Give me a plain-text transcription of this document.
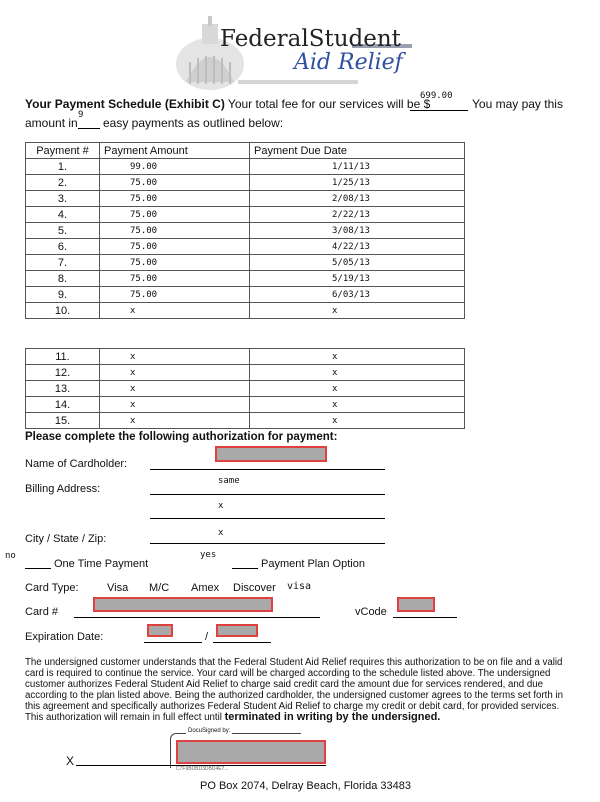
FederalStudent
Aid Relief
Your Payment Schedule (Exhibit C) Your total fee for our services will be $
699.00
You may pay this
amount in
9
easy payments as outlined below:
Payment #	Payment Amount	Payment Due Date
1.	99.00	1/11/13
2.	75.00	1/25/13
3.	75.00	2/08/13
4.	75.00	2/22/13
5.	75.00	3/08/13
6.	75.00	4/22/13
7.	75.00	5/05/13
8.	75.00	5/19/13
9.	75.00	6/03/13
10.	x	x
11.	x	x
12.	x	x
13.	x	x
14.	x	x
15.	x	x
Please complete the following authorization for payment:
Name of Cardholder:
Billing Address:
same
x
x
City / State / Zip:
no
One Time Payment
yes
Payment Plan Option
Card Type:	Visa M/C Amex Discover visa
Card #	vCode
Expiration Date:	/
The undersigned customer understands that the Federal Student Aid Relief requires this authorization to be on file and a valid card is required to continue the service. Your card will be charged according to the schedule listed above. The undersigned customer authorizes Federal Student Aid Relief to charge said credit card the amount due for services rendered, and due according to the plan listed above. Being the authorized cardholder, the undersigned customer agrees to the terms set forth in this agreement and specifically authorizes Federal Student Aid Relief to charge my credit or debit card, for provided services. This authorization will remain in full effect until terminated in writing by the undersigned.
DocuSigned by:
X
C7F9BDBD3DBD4E7...
PO Box 2074, Delray Beach, Florida 33483
